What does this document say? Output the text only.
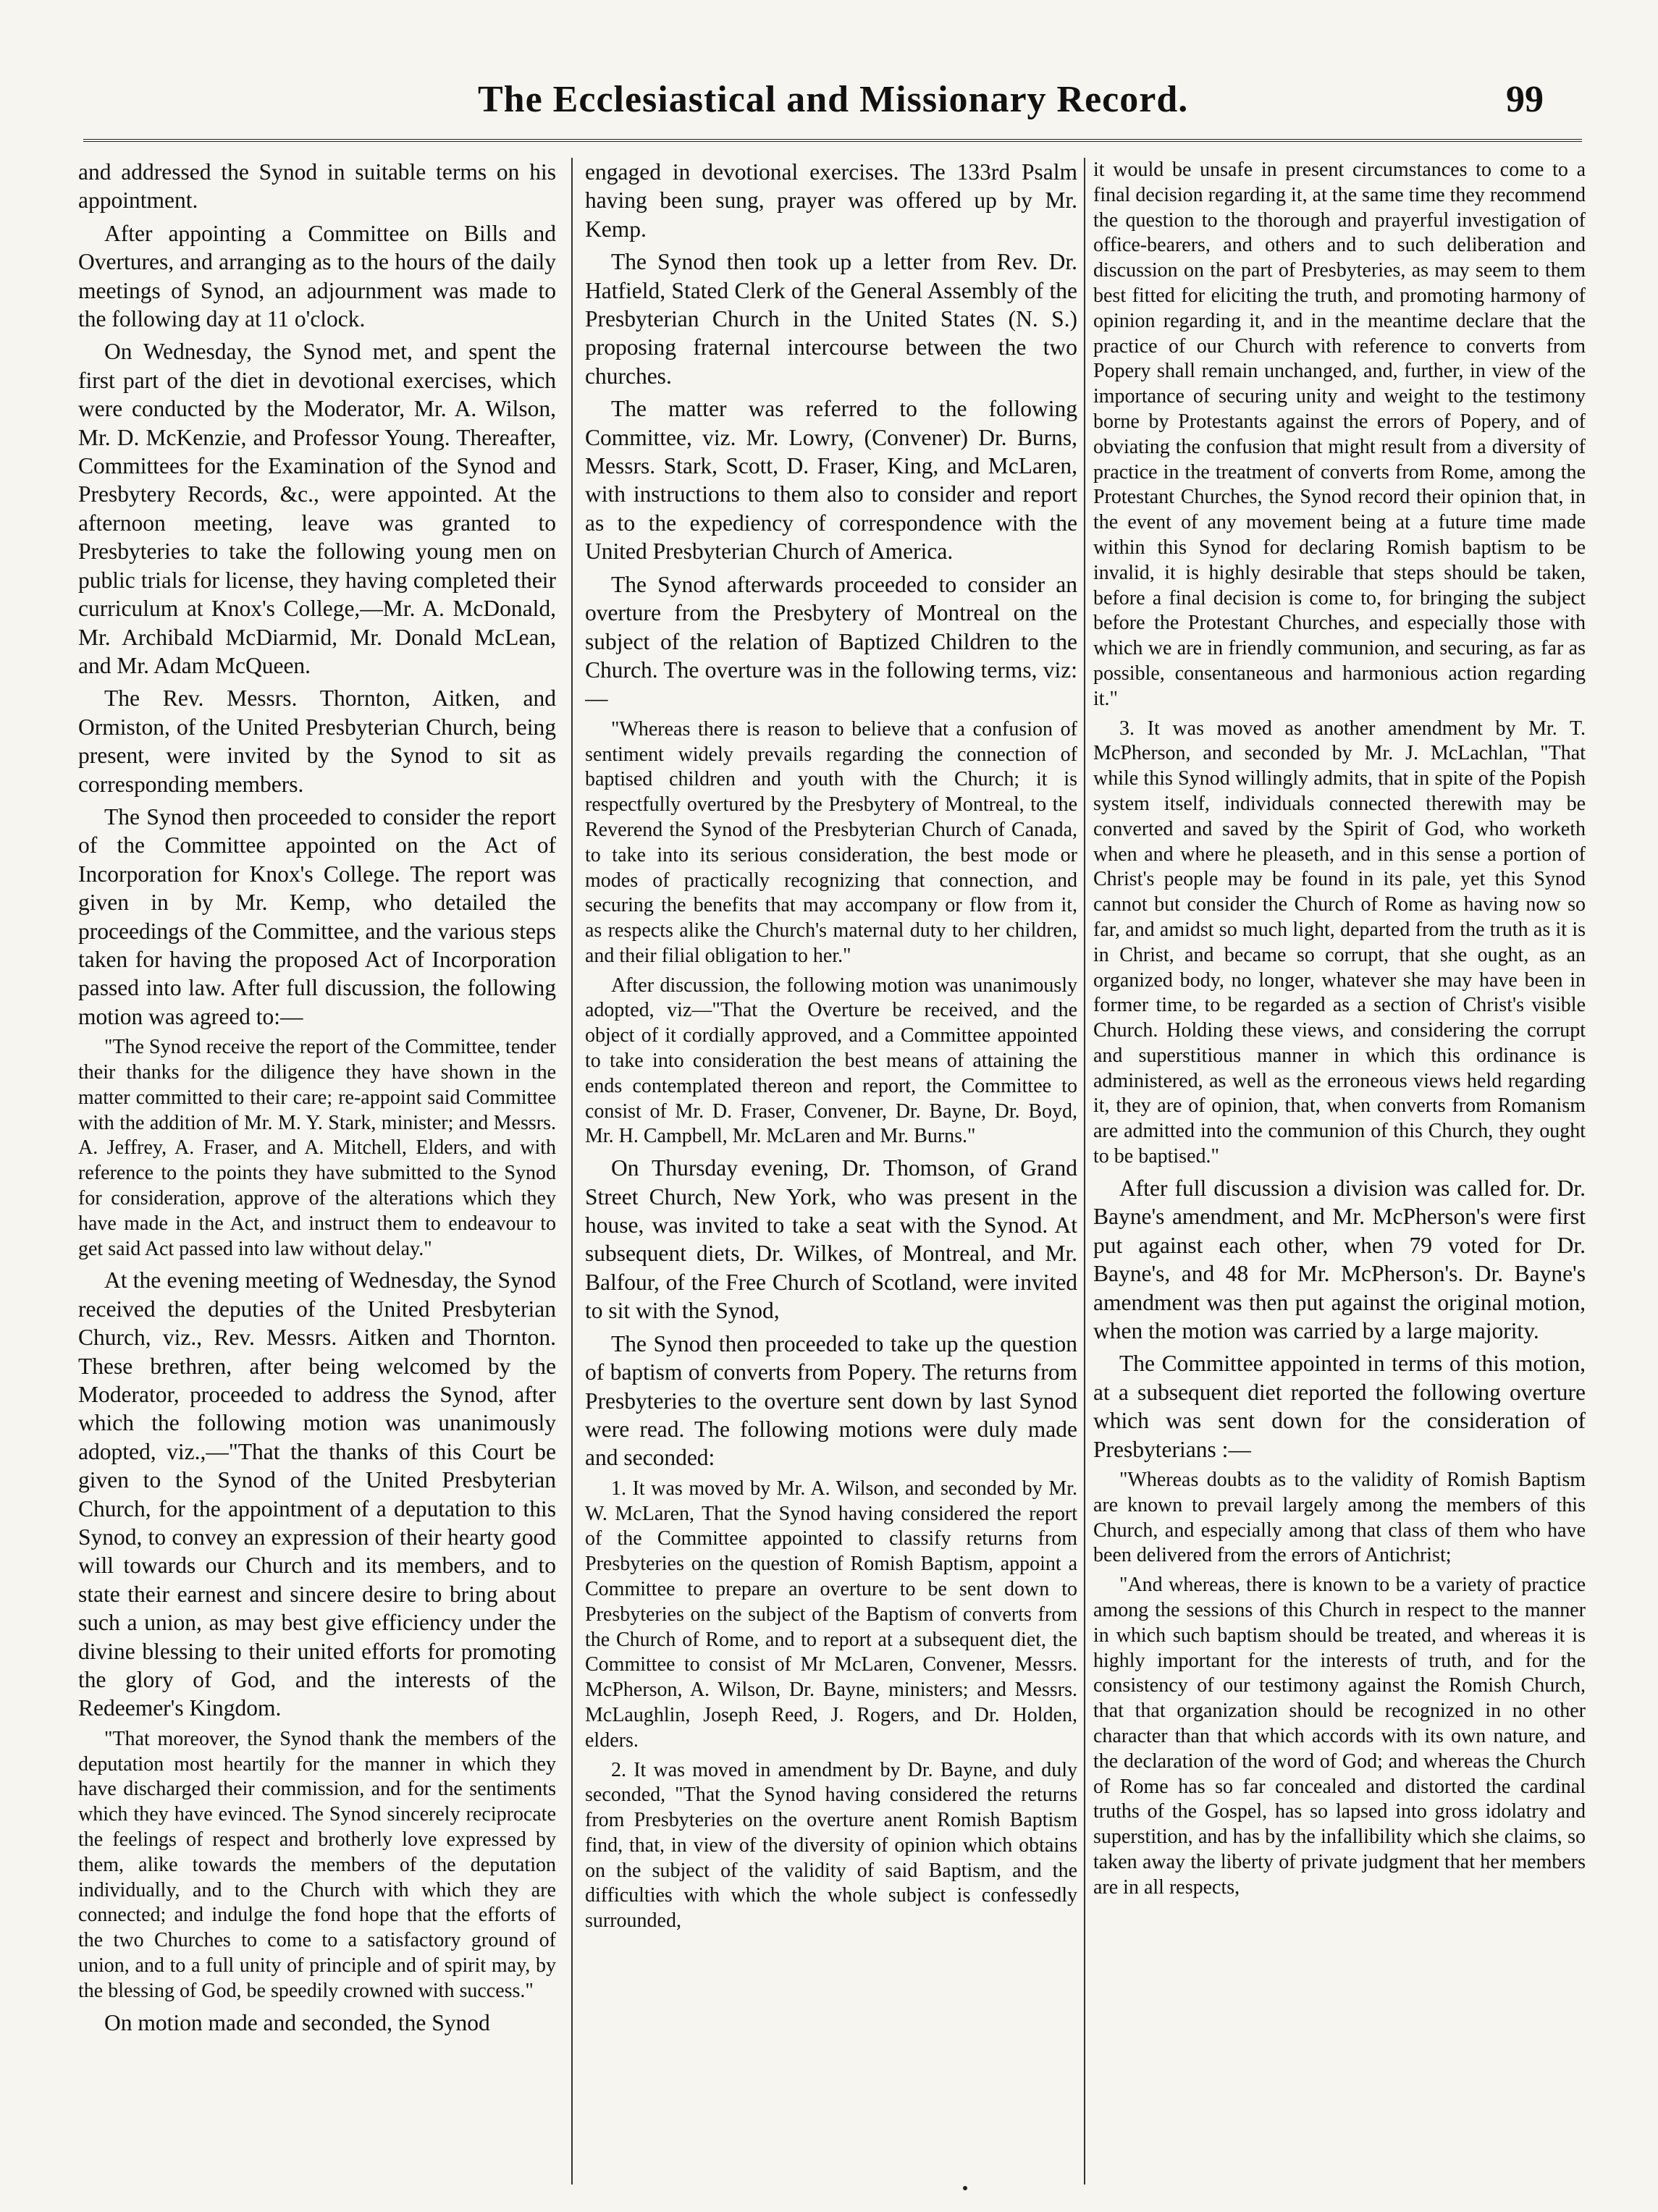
The Ecclesiastical and Missionary Record.	99

and addressed the Synod in suitable terms on his appointment.

After appointing a Committee on Bills and Overtures, and arranging as to the hours of the daily meetings of Synod, an adjournment was made to the following day at 11 o'clock.

On Wednesday, the Synod met, and spent the first part of the diet in devotional exercises, which were conducted by the Moderator, Mr. A. Wilson, Mr. D. McKenzie, and Professor Young. Thereafter, Committees for the Examination of the Synod and Presbytery Records, &c., were appointed. At the afternoon meeting, leave was granted to Presbyteries to take the following young men on public trials for license, they having completed their curriculum at Knox's College,—Mr. A. McDonald, Mr. Archibald McDiarmid, Mr. Donald McLean, and Mr. Adam McQueen.

The Rev. Messrs. Thornton, Aitken, and Ormiston, of the United Presbyterian Church, being present, were invited by the Synod to sit as corresponding members.

The Synod then proceeded to consider the report of the Committee appointed on the Act of Incorporation for Knox's College. The report was given in by Mr. Kemp, who detailed the proceedings of the Committee, and the various steps taken for having the proposed Act of Incorporation passed into law. After full discussion, the following motion was agreed to:—

"The Synod receive the report of the Committee, tender their thanks for the diligence they have shown in the matter committed to their care; re-appoint said Committee with the addition of Mr. M. Y. Stark, minister; and Messrs. A. Jeffrey, A. Fraser, and A. Mitchell, Elders, and with reference to the points they have submitted to the Synod for consideration, approve of the alterations which they have made in the Act, and instruct them to endeavour to get said Act passed into law without delay."

At the evening meeting of Wednesday, the Synod received the deputies of the United Presbyterian Church, viz., Rev. Messrs. Aitken and Thornton. These brethren, after being welcomed by the Moderator, proceeded to address the Synod, after which the following motion was unanimously adopted, viz.,—"That the thanks of this Court be given to the Synod of the United Presbyterian Church, for the appointment of a deputation to this Synod, to convey an expression of their hearty good will towards our Church and its members, and to state their earnest and sincere desire to bring about such a union, as may best give efficiency under the divine blessing to their united efforts for promoting the glory of God, and the interests of the Redeemer's Kingdom.

"That moreover, the Synod thank the members of the deputation most heartily for the manner in which they have discharged their commission, and for the sentiments which they have evinced. The Synod sincerely reciprocate the feelings of respect and brotherly love expressed by them, alike towards the members of the deputation individually, and to the Church with which they are connected; and indulge the fond hope that the efforts of the two Churches to come to a satisfactory ground of union, and to a full unity of principle and of spirit may, by the blessing of God, be speedily crowned with success."

On motion made and seconded, the Synod

engaged in devotional exercises. The 133rd Psalm having been sung, prayer was offered up by Mr. Kemp.

The Synod then took up a letter from Rev. Dr. Hatfield, Stated Clerk of the General Assembly of the Presbyterian Church in the United States (N. S.) proposing fraternal intercourse between the two churches.

The matter was referred to the following Committee, viz. Mr. Lowry, (Convener) Dr. Burns, Messrs. Stark, Scott, D. Fraser, King, and McLaren, with instructions to them also to consider and report as to the expediency of correspondence with the United Presbyterian Church of America.

The Synod afterwards proceeded to consider an overture from the Presbytery of Montreal on the subject of the relation of Baptized Children to the Church. The overture was in the following terms, viz:—

"Whereas there is reason to believe that a confusion of sentiment widely prevails regarding the connection of baptised children and youth with the Church; it is respectfully overtured by the Presbytery of Montreal, to the Reverend the Synod of the Presbyterian Church of Canada, to take into its serious consideration, the best mode or modes of practically recognizing that connection, and securing the benefits that may accompany or flow from it, as respects alike the Church's maternal duty to her children, and their filial obligation to her."

After discussion, the following motion was unanimously adopted, viz—"That the Overture be received, and the object of it cordially approved, and a Committee appointed to take into consideration the best means of attaining the ends contemplated thereon and report, the Committee to consist of Mr. D. Fraser, Convener, Dr. Bayne, Dr. Boyd, Mr. H. Campbell, Mr. McLaren and Mr. Burns."

On Thursday evening, Dr. Thomson, of Grand Street Church, New York, who was present in the house, was invited to take a seat with the Synod. At subsequent diets, Dr. Wilkes, of Montreal, and Mr. Balfour, of the Free Church of Scotland, were invited to sit with the Synod,

The Synod then proceeded to take up the question of baptism of converts from Popery. The returns from Presbyteries to the overture sent down by last Synod were read. The following motions were duly made and seconded:

1. It was moved by Mr. A. Wilson, and seconded by Mr. W. McLaren, That the Synod having considered the report of the Committee appointed to classify returns from Presbyteries on the question of Romish Baptism, appoint a Committee to prepare an overture to be sent down to Presbyteries on the subject of the Baptism of converts from the Church of Rome, and to report at a subsequent diet, the Committee to consist of Mr McLaren, Convener, Messrs. McPherson, A. Wilson, Dr. Bayne, ministers; and Messrs. McLaughlin, Joseph Reed, J. Rogers, and Dr. Holden, elders.

2. It was moved in amendment by Dr. Bayne, and duly seconded, "That the Synod having considered the returns from Presbyteries on the overture anent Romish Baptism find, that, in view of the diversity of opinion which obtains on the subject of the validity of said Baptism, and the difficulties with which the whole subject is confessedly surrounded,

it would be unsafe in present circumstances to come to a final decision regarding it, at the same time they recommend the question to the thorough and prayerful investigation of office-bearers, and others and to such deliberation and discussion on the part of Presbyteries, as may seem to them best fitted for eliciting the truth, and promoting harmony of opinion regarding it, and in the meantime declare that the practice of our Church with reference to converts from Popery shall remain unchanged, and, further, in view of the importance of securing unity and weight to the testimony borne by Protestants against the errors of Popery, and of obviating the confusion that might result from a diversity of practice in the treatment of converts from Rome, among the Protestant Churches, the Synod record their opinion that, in the event of any movement being at a future time made within this Synod for declaring Romish baptism to be invalid, it is highly desirable that steps should be taken, before a final decision is come to, for bringing the subject before the Protestant Churches, and especially those with which we are in friendly communion, and securing, as far as possible, consentaneous and harmonious action regarding it."

3. It was moved as another amendment by Mr. T. McPherson, and seconded by Mr. J. McLachlan, "That while this Synod willingly admits, that in spite of the Popish system itself, individuals connected therewith may be converted and saved by the Spirit of God, who worketh when and where he pleaseth, and in this sense a portion of Christ's people may be found in its pale, yet this Synod cannot but consider the Church of Rome as having now so far, and amidst so much light, departed from the truth as it is in Christ, and became so corrupt, that she ought, as an organized body, no longer, whatever she may have been in former time, to be regarded as a section of Christ's visible Church. Holding these views, and considering the corrupt and superstitious manner in which this ordinance is administered, as well as the erroneous views held regarding it, they are of opinion, that, when converts from Romanism are admitted into the communion of this Church, they ought to be baptised."

After full discussion a division was called for. Dr. Bayne's amendment, and Mr. McPherson's were first put against each other, when 79 voted for Dr. Bayne's, and 48 for Mr. McPherson's. Dr. Bayne's amendment was then put against the original motion, when the motion was carried by a large majority.

The Committee appointed in terms of this motion, at a subsequent diet reported the following overture which was sent down for the consideration of Presbyterians :—

"Whereas doubts as to the validity of Romish Baptism are known to prevail largely among the members of this Church, and especially among that class of them who have been delivered from the errors of Antichrist;

"And whereas, there is known to be a variety of practice among the sessions of this Church in respect to the manner in which such baptism should be treated, and whereas it is highly important for the interests of truth, and for the consistency of our testimony against the Romish Church, that that organization should be recognized in no other character than that which accords with its own nature, and the declaration of the word of God; and whereas the Church of Rome has so far concealed and distorted the cardinal truths of the Gospel, has so lapsed into gross idolatry and superstition, and has by the infallibility which she claims, so taken away the liberty of private judgment that her members are in all respects,
